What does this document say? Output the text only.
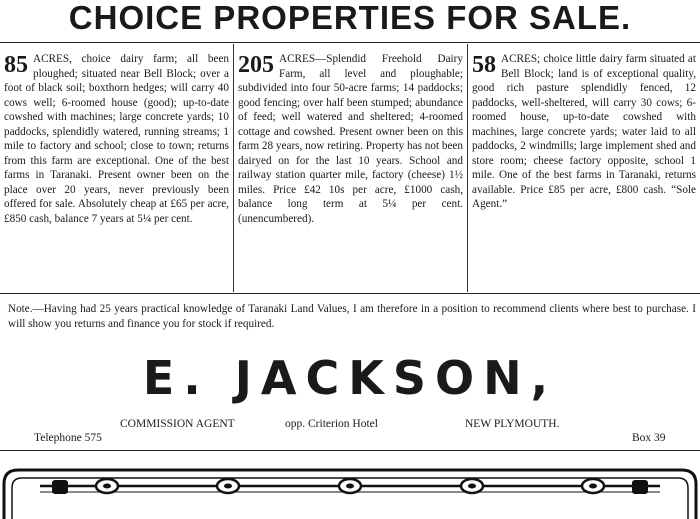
CHOICE PROPERTIES FOR SALE.
85 ACRES, choice dairy farm; all been ploughed; situated near Bell Block; over a foot of black soil; boxthorn hedges; will carry 40 cows well; 6-roomed house (good); up-to-date cowshed with machines; large concrete yards; 10 paddocks, splendidly watered, running streams; 1 mile to factory and school; close to town; returns from this farm are exceptional. One of the best farms in Taranaki. Present owner been on the place over 20 years, never previously been offered for sale. Absolutely cheap at £65 per acre, £850 cash, balance 7 years at 5¼ per cent.

205 ACRES—Splendid Freehold Dairy Farm, all level and ploughable; subdivided into four 50-acre farms; 14 paddocks; good fencing; over half been stumped; abundance of feed; well watered and sheltered; 4-roomed cottage and cowshed. Present owner been on this farm 28 years, now retiring. Property has not been dairyed on for the last 10 years. School and railway station quarter mile, factory (cheese) 1½ miles. Price £42 10s per acre, £1000 cash, balance long term at 5¼ per cent. (unencumbered).

58 ACRES; choice little dairy farm situated at Bell Block; land is of exceptional quality, good rich pasture splendidly fenced, 12 paddocks, well-sheltered, will carry 30 cows; 6-roomed house, up-to-date cowshed with machines, large concrete yards; water laid to all paddocks, 2 windmills; large implement shed and store room; cheese factory opposite, school 1 mile. One of the best farms in Taranaki, returns available. Price £85 per acre, £800 cash. “Sole Agent.”

Note.—Having had 25 years practical knowledge of Taranaki Land Values, I am therefore in a position to recommend clients where best to purchase. I will show you returns and finance you for stock if required.
E. JACKSON,
COMMISSION AGENT	opp. Criterion Hotel	NEW PLYMOUTH.
Telephone 575	Box 39
